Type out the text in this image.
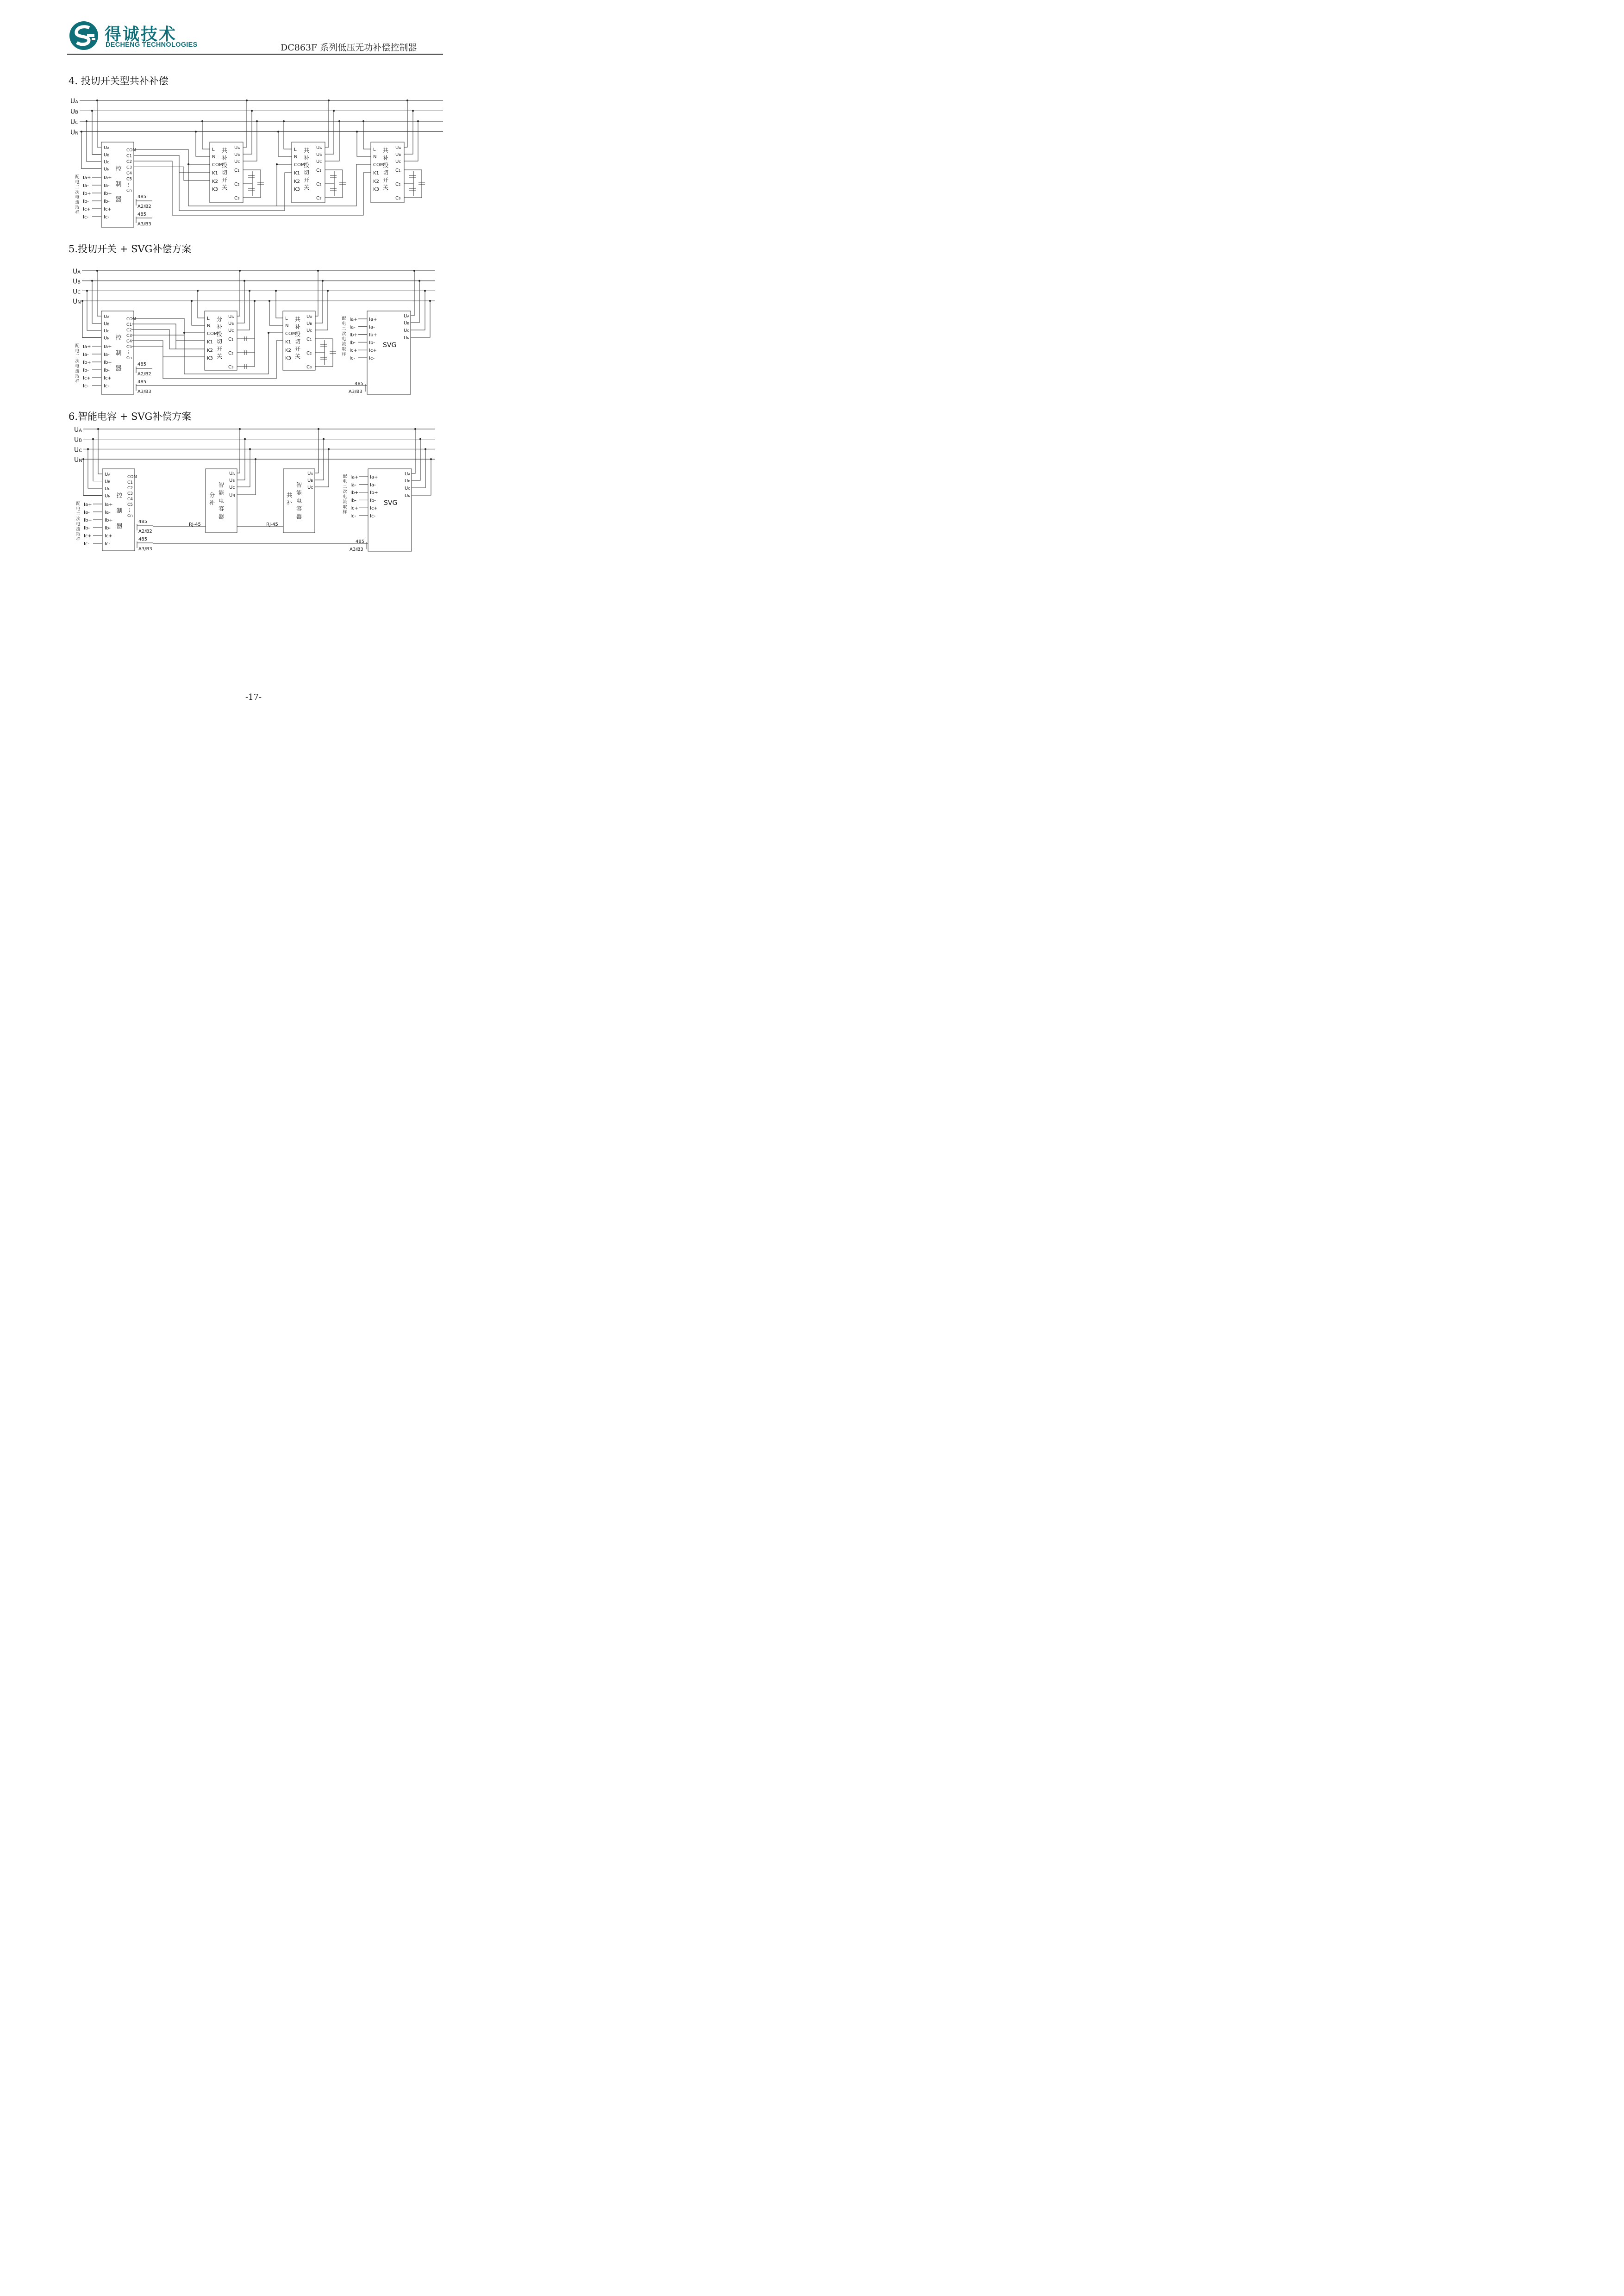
得诚技术
DECHENG TECHNOLOGIES	DC863F 系列低压无功补偿控制器
4. 投切开关型共补补偿
5.投切开关 + SVG补偿方案
6.智能电容 + SVG补偿方案
UA
UB
UC
UN
UA
UB
UC
UN
Ia+
Ia-
Ib+
Ib-
Ic+
Ic-
Ia+
Ia-
Ib+
Ib-
Ic+
Ic-
配
电
二
次
电
流
取
样
控
制
器
COM
C1
C2
C3
C4
C5
⋮
Cn
485
A2/B2
485
A3/B3
L
N
COM
K1
K2
K3
UA
UB
UC
C1
C2
C3
共
补
投
切
开
关
L
N
COM
K1
K2
K3
UA
UB
UC
C1
C2
C3
共
补
投
切
开
关
L
N
COM
K1
K2
K3
UA
UB
UC
C1
C2
C3
共
补
投
切
开
关
UA
UB
UC
UN
UA
UB
UC
UN
Ia+
Ia-
Ib+
Ib-
Ic+
Ic-
Ia+
Ia-
Ib+
Ib-
Ic+
Ic-
配
电
二
次
电
流
取
样
控
制
器
COM
C1
C2
C3
C4
C5
⋮
Cn
485
A2/B2
485
A3/B3
L
N
COM
K1
K2
K3
UA
UB
UC
C1
C2
C3
分
补
投
切
开
关
L
N
COM
K1
K2
K3
UA
UB
UC
C1
C2
C3
共
补
投
切
开
关
UA
UB
UC
UN
SVG
Ia+
Ia+
Ia-
Ia-
Ib+
Ib+
Ib-
Ib-
Ic+
Ic+
Ic-
Ic-
配
电
二
次
电
流
取
样
485
A3/B3
UA
UB
UC
UN
UA
UB
UC
UN
Ia+
Ia-
Ib+
Ib-
Ic+
Ic-
Ia+
Ia-
Ib+
Ib-
Ic+
Ic-
配
电
二
次
电
流
取
样
控
制
器
COM
C1
C2
C3
C4
C5
⋮
Cn
485
A2/B2
485
A3/B3
UA
UB
UC
UN
分
补
智
能
电
容
器
UA
UB
UC
共
补
智
能
电
容
器
RJ-45	RJ-45
UA
UB
UC
UN
SVG
Ia+
Ia+
Ia-
Ia-
Ib+
Ib+
Ib-
Ib-
Ic+
Ic+
Ic-
Ic-
配
电
二
次
电
流
取
样
485
A3/B3
-17-
